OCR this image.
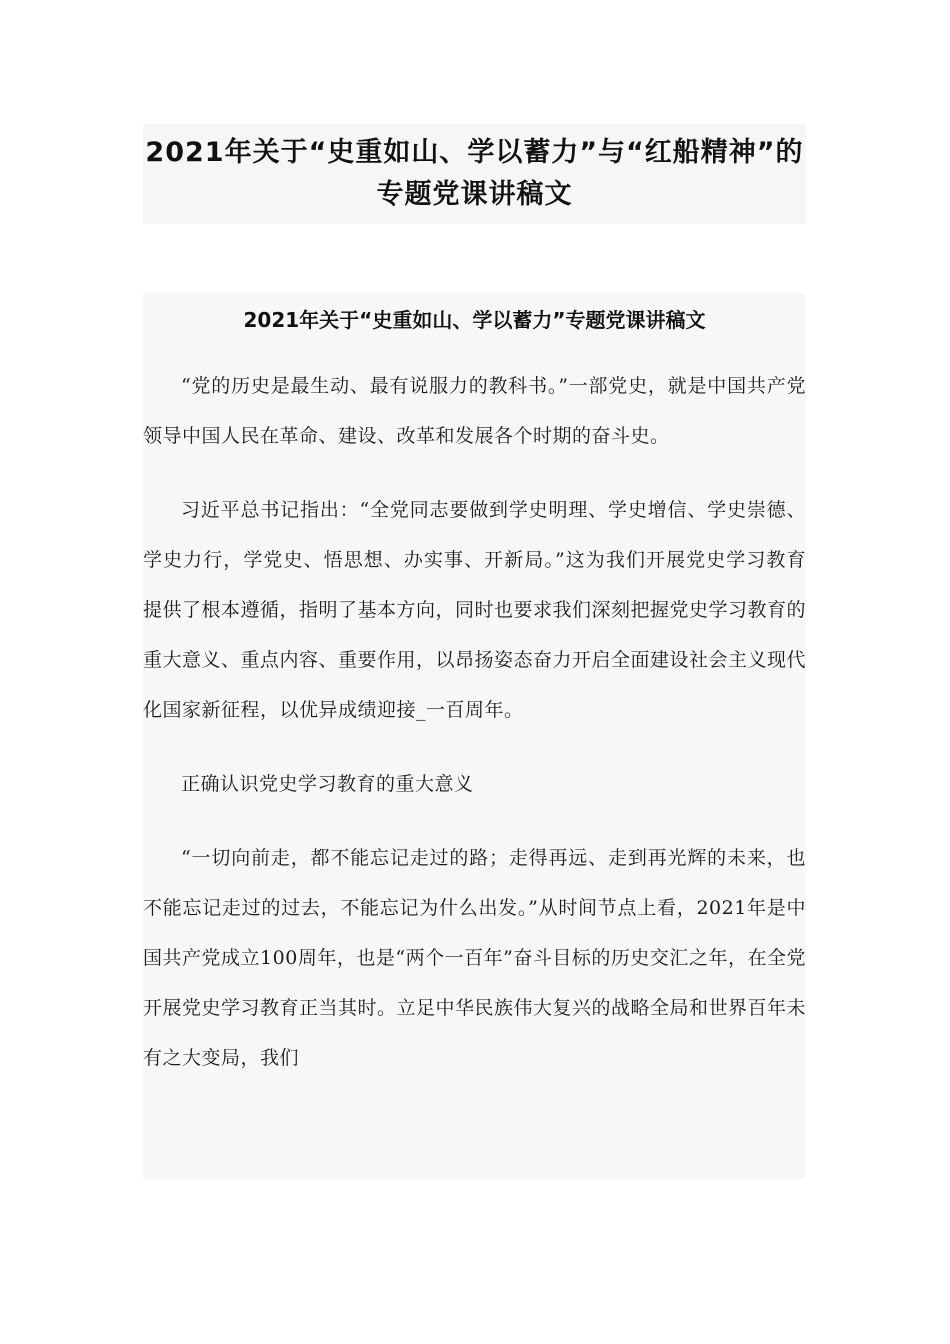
2021年关于“史重如山、学以蓄力”与“红船精神”的专题党课讲稿文
2021年关于“史重如山、学以蓄力”专题党课讲稿文

“党的历史是最生动、最有说服力的教科书。”一部党史，就是中国共产党领导中国人民在革命、建设、改革和发展各个时期的奋斗史。

习近平总书记指出：“全党同志要做到学史明理、学史增信、学史崇德、学史力行，学党史、悟思想、办实事、开新局。”这为我们开展党史学习教育提供了根本遵循，指明了基本方向，同时也要求我们深刻把握党史学习教育的重大意义、重点内容、重要作用，以昂扬姿态奋力开启全面建设社会主义现代化国家新征程，以优异成绩迎接_一百周年。

正确认识党史学习教育的重大意义

“一切向前走，都不能忘记走过的路；走得再远、走到再光辉的未来，也不能忘记走过的过去，不能忘记为什么出发。”从时间节点上看，2021年是中国共产党成立100周年，也是“两个一百年”奋斗目标的历史交汇之年，在全党开展党史学习教育正当其时。立足中华民族伟大复兴的战略全局和世界百年未有之大变局，我们
